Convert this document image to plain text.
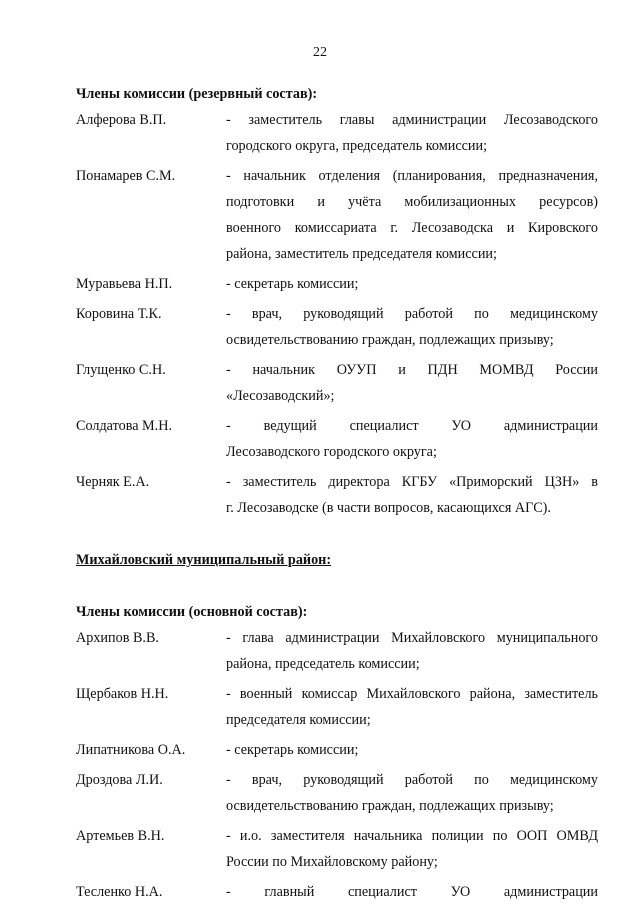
22
Члены комиссии (резервный состав):
Алферова В.П.	- заместитель главы администрации Лесозаводского
городского округа, председатель комиссии;
Понамарев С.М.	- начальник отделения (планирования, предназначения,
подготовки и учёта мобилизационных ресурсов)
военного комиссариата г. Лесозаводска и Кировского
района, заместитель председателя комиссии;
Муравьева Н.П.	- секретарь комиссии;
Коровина Т.К.	- врач, руководящий работой по медицинскому
освидетельствованию граждан, подлежащих призыву;
Глущенко С.Н.	- начальник ОУУП и ПДН МОМВД России
«Лесозаводский»;
Солдатова М.Н.	- ведущий специалист УО администрации
Лесозаводского городского округа;
Черняк Е.А.	- заместитель директора КГБУ «Приморский ЦЗН» в
г. Лесозаводске (в части вопросов, касающихся АГС).
Михайловский муниципальный район:
Члены комиссии (основной состав):
Архипов В.В.	- глава администрации Михайловского муниципального
района, председатель комиссии;
Щербаков Н.Н.	- военный комиссар Михайловского района, заместитель
председателя комиссии;
Липатникова О.А.	- секретарь комиссии;
Дроздова Л.И.	- врач, руководящий работой по медицинскому
освидетельствованию граждан, подлежащих призыву;
Артемьев В.Н.	- и.о. заместителя начальника полиции по ООП ОМВД
России по Михайловскому району;
Тесленко Н.А.	- главный специалист УО администрации
